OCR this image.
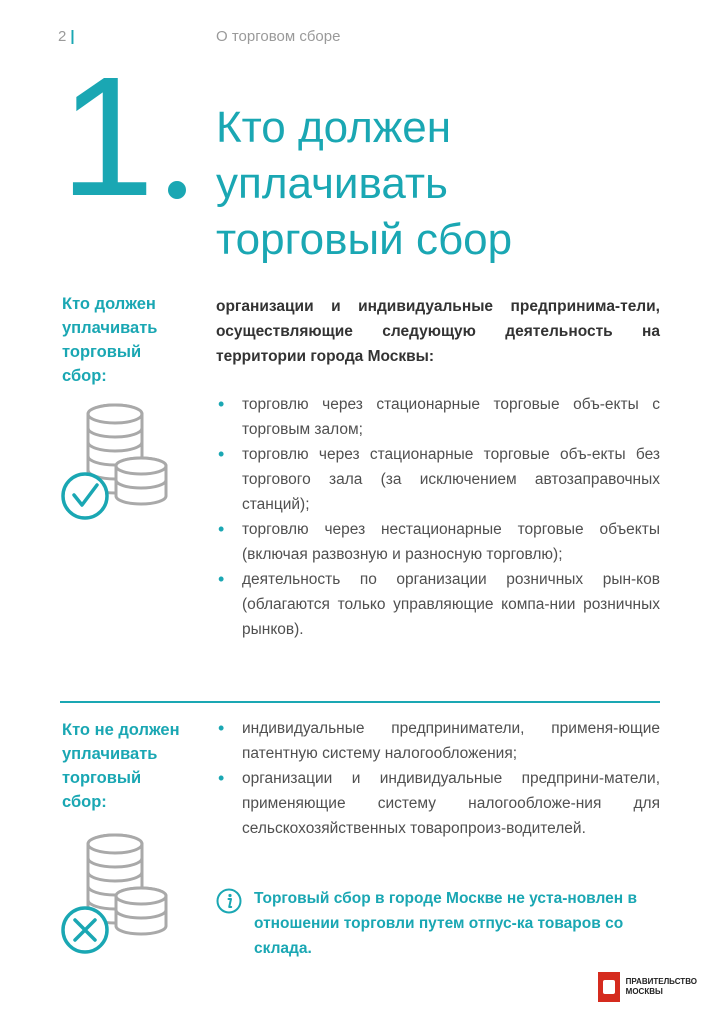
2 |	О торговом сборе
1 Кто должен
уплачивать
торговый сбор
Кто должен
уплачивать
торговый
сбор:
организации и индивидуальные предпринима-тели, осуществляющие следующую деятельность на территории города Москвы:
• торговлю через стационарные торговые объ-екты с торговым залом;
• торговлю через стационарные торговые объ-екты без торгового зала (за исключением автозаправочных станций);
• торговлю через нестационарные торговые объекты (включая развозную и разносную торговлю);
• деятельность по организации розничных рын-ков (облагаются только управляющие компа-нии розничных рынков).
Кто не должен
уплачивать
торговый
сбор:
• индивидуальные предприниматели, применя-ющие патентную систему налогообложения;
• организации и индивидуальные предприни-матели, применяющие систему налогообложе-ния для сельскохозяйственных товаропроиз-водителей.
Торговый сбор в городе Москве не уста-новлен в отношении торговли путем отпус-ка товаров со склада.
ПРАВИТЕЛЬСТВО
МОСКВЫ
